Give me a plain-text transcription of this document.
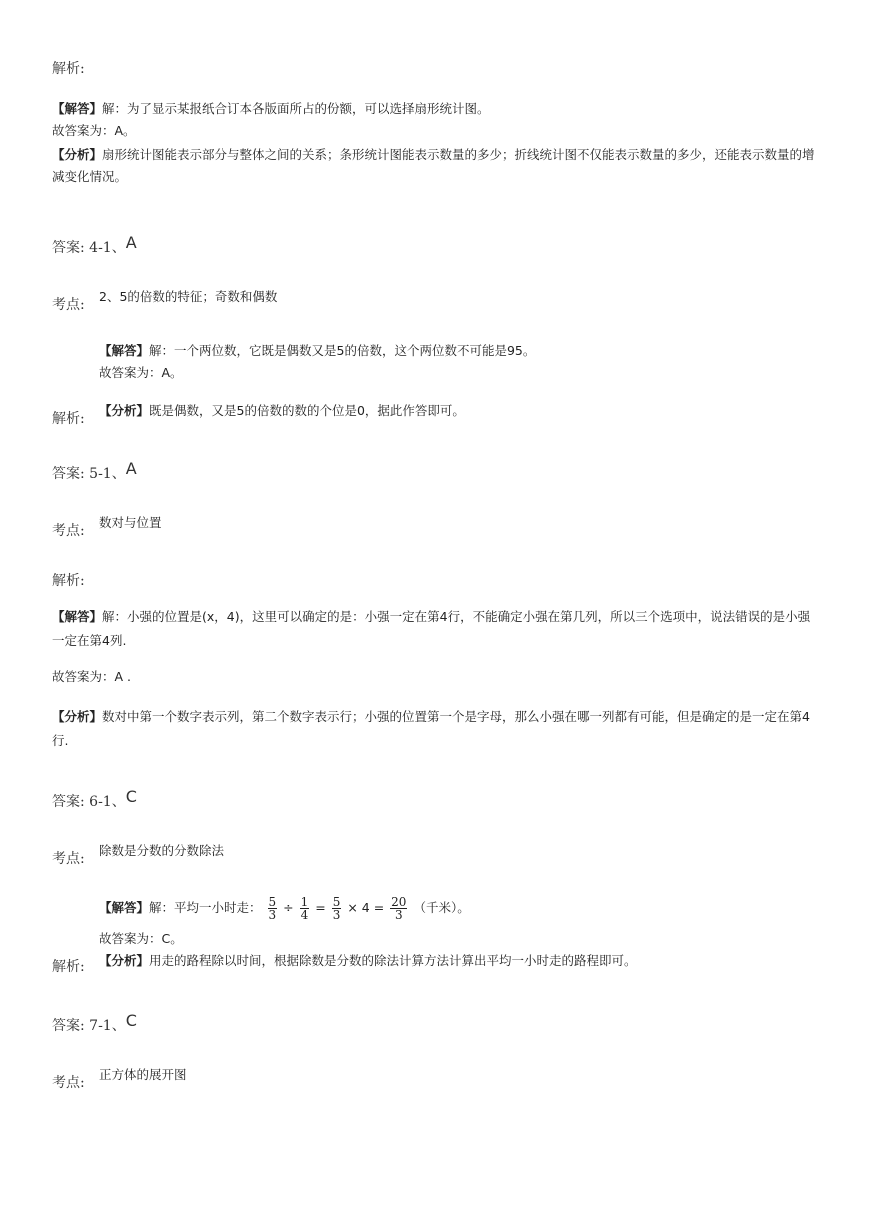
解析:
【解答】解：为了显示某报纸合订本各版面所占的份额，可以选择扇形统计图。
故答案为：A。
【分析】扇形统计图能表示部分与整体之间的关系；条形统计图能表示数量的多少；折线统计图不仅能表示数量的多少，还能表示数量的增减变化情况。
答案: 4-1、A
考点:
2、5的倍数的特征；奇数和偶数
【解答】解：一个两位数，它既是偶数又是5的倍数，这个两位数不可能是95。
故答案为：A。
解析:
【分析】既是偶数，又是5的倍数的数的个位是0，据此作答即可。
答案: 5-1、A
考点:
数对与位置
解析:
【解答】解：小强的位置是(x，4)，这里可以确定的是：小强一定在第4行，不能确定小强在第几列，所以三个选项中，说法错误的是小强一定在第4列.
故答案为：A .
【分析】数对中第一个数字表示列，第二个数字表示行；小强的位置第一个是字母，那么小强在哪一列都有可能，但是确定的是一定在第4行.
答案: 6-1、C
考点:
除数是分数的分数除法
【解答】解：平均一小时走： $\frac{5}{3} \div \frac{1}{4} = \frac{5}{3} \times 4 = \frac{20}{3}$ （千米）。
故答案为：C。
解析: 【分析】用走的路程除以时间，根据除数是分数的除法计算方法计算出平均一小时走的路程即可。
答案: 7-1、C
考点:
正方体的展开图
